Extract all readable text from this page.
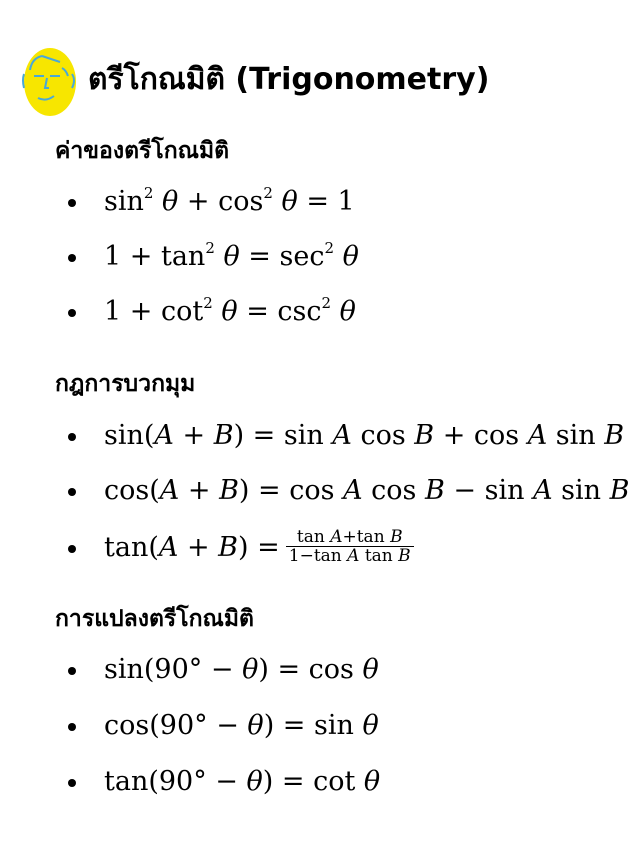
ตรีโกณมิติ (Trigonometry)
ค่าของตรีโกณมิติ
$\sin^2 \theta + \cos^2 \theta = 1$
$1 + \tan^2 \theta = \sec^2 \theta$
$1 + \cot^2 \theta = \csc^2 \theta$
กฎการบวกมุม
sin(A + B) = sin A cos B + cos A sin B
cos(A + B) = cos A cos B − sin A sin B
$\tan(A + B) = \frac{\text{tan A+tan B}}{\text{1−tan A tan B}}$
การแปลงตรีโกณมิติ
sin(90° − θ) = cos θ
cos(90° − θ) = sin θ
tan(90° − θ) = cot θ
